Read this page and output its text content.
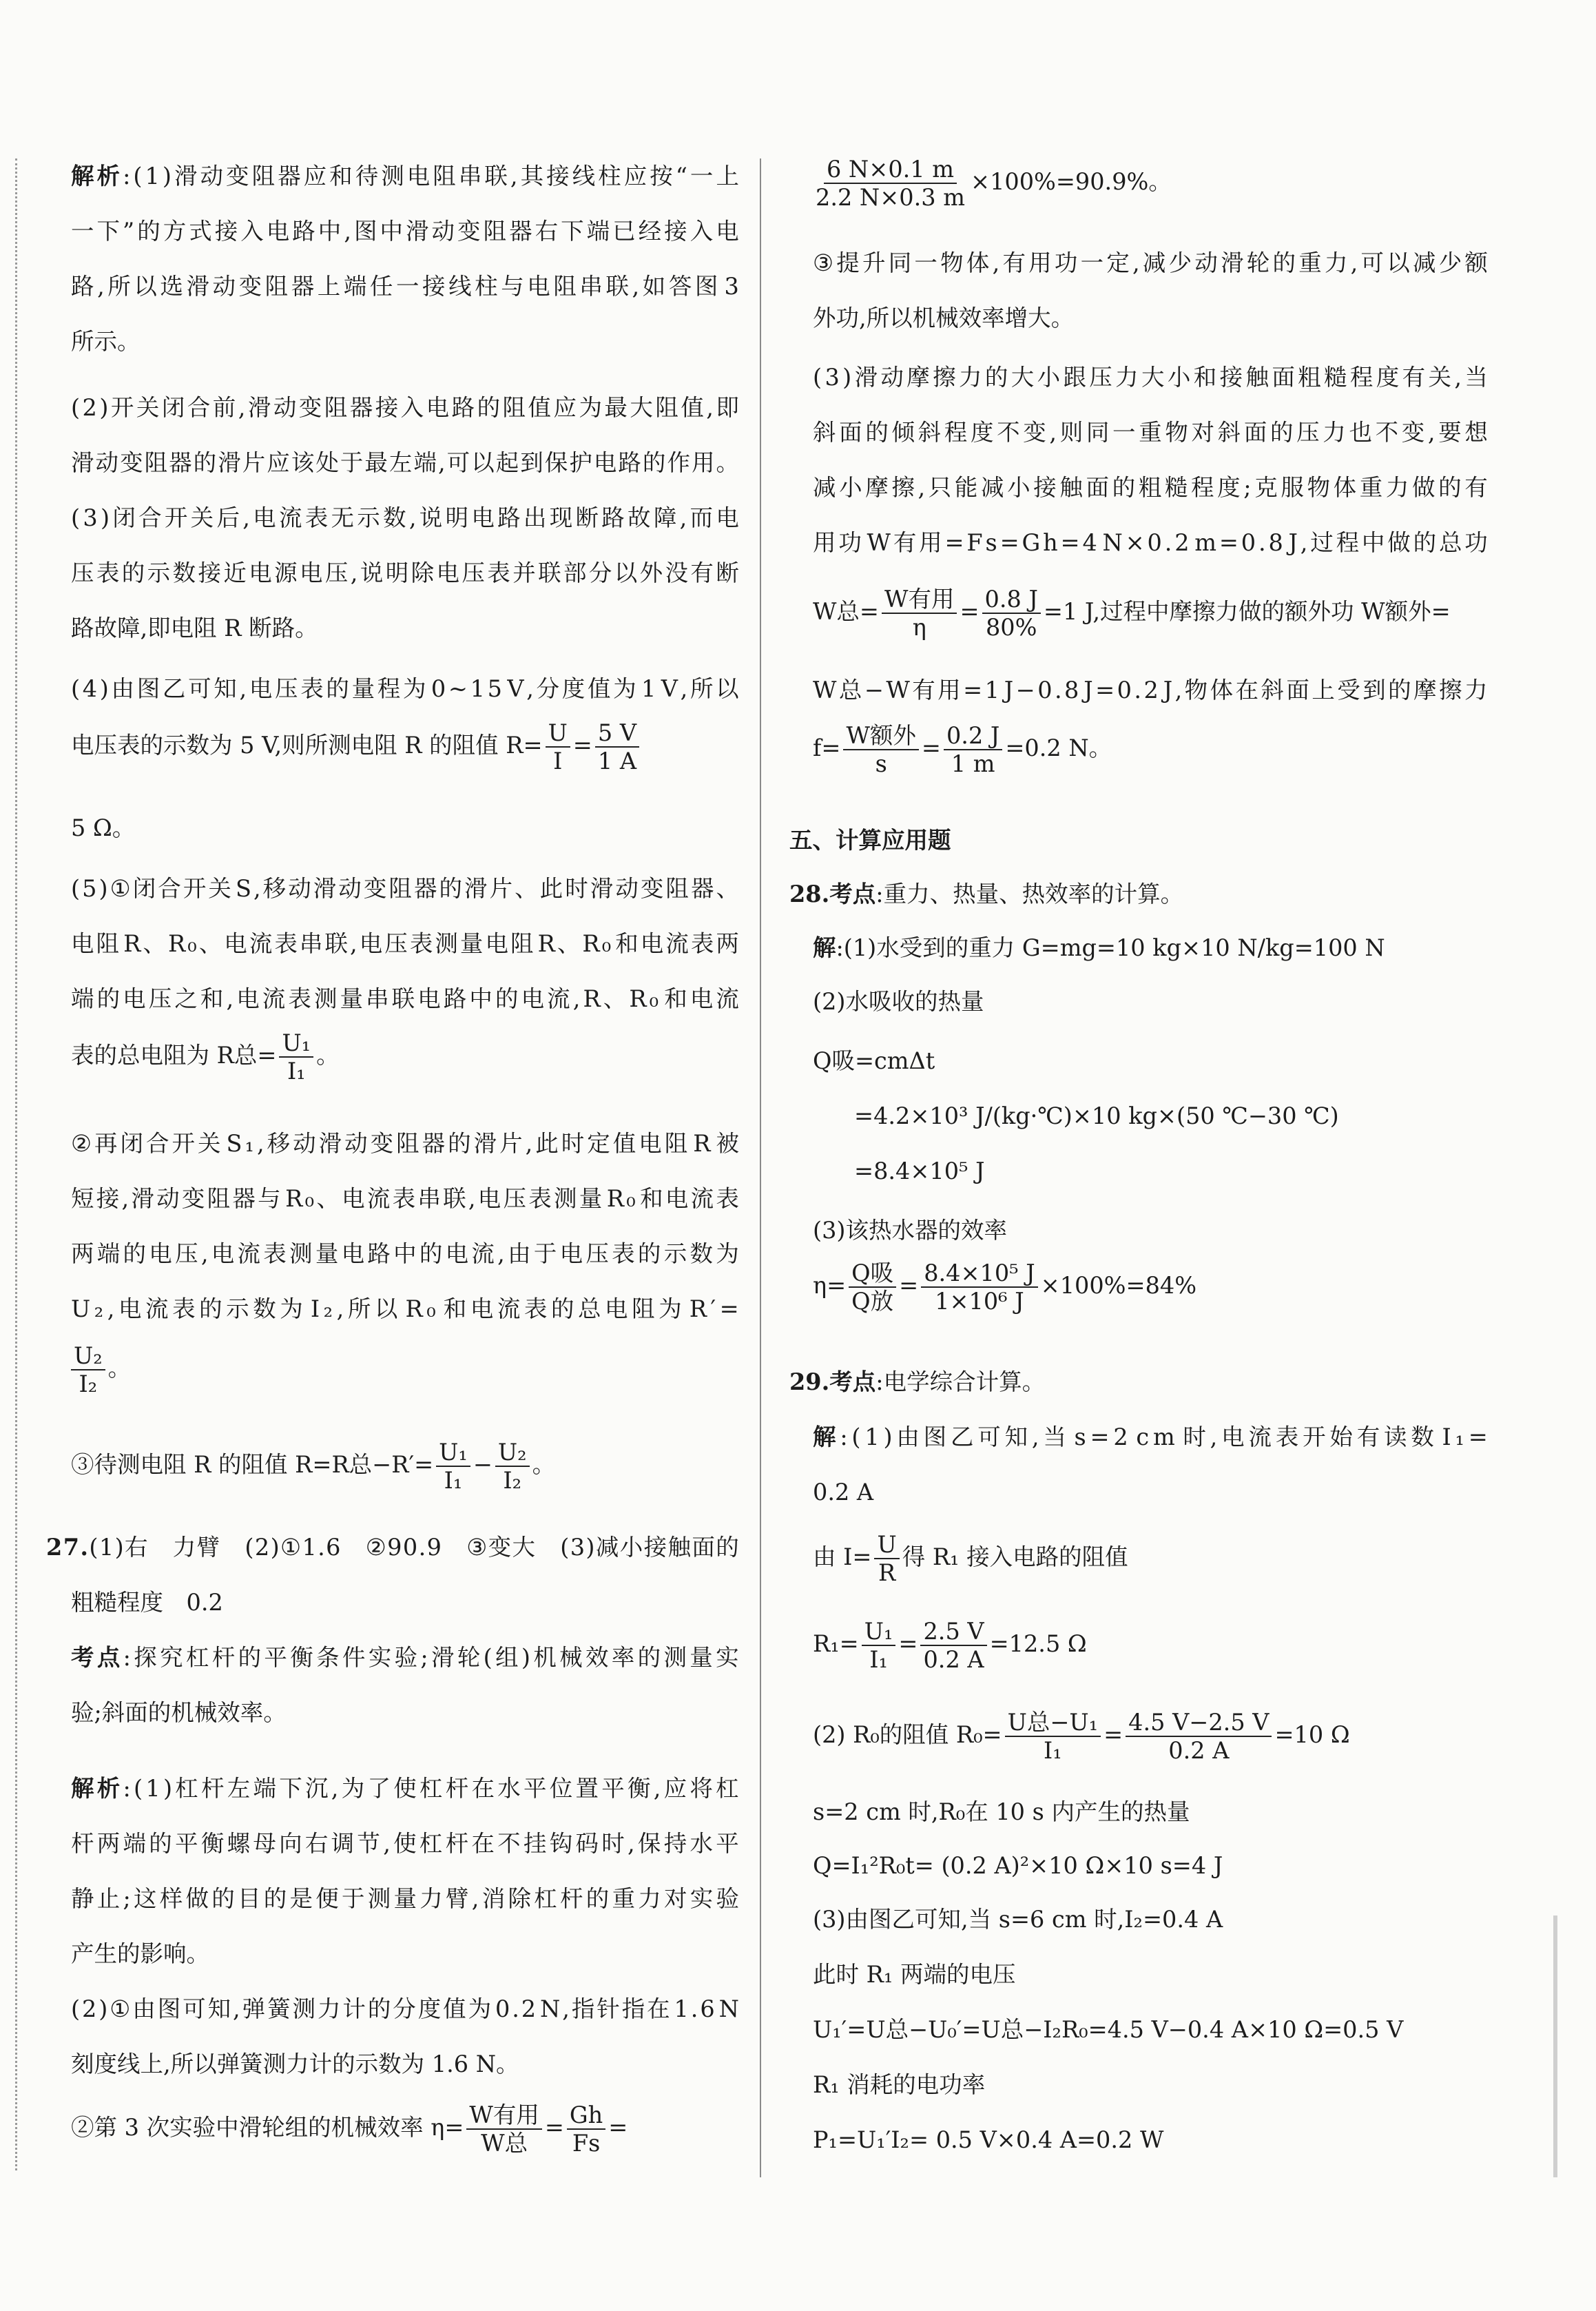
电压表的示数为 5 V,则所测电阻 R 的阻值 $R= \frac{U}{I} = \frac{5 V}{1 A}$
表的总电阻为 R总= $\frac{\text{U₁}}{\text{I₁}}$ 。
$\frac{\text{U₂}}{\text{I₂}}$ 。
③待测电阻 R 的阻值 R=R总$-R'= \frac{\text{U₁}}{\text{I₁}} - \frac{\text{U₂}}{\text{I₂}}$ 。
②第 3 次实验中滑轮组的机械效率 η= W有用
W总
= $\frac{Gh}{Fs}$ =
解 析 : ( 1 ) 滑 动 变 阻 器 应 和 待 测 电 阻 串 联 , 其 接 线 柱 应 按 “ 一 上
一 下 ” 的 方 式 接 入 电 路 中 , 图 中 滑 动 变 阻 器 右 下 端 已 经 接 入 电
路 , 所 以 选 滑 动 变 阻 器 上 端 任 一 接 线 柱 与 电 阻 串 联 , 如 答 图 3
所示。
( 2 ) 开 关 闭 合 前 , 滑 动 变 阻 器 接 入 电 路 的 阻 值 应 为 最 大 阻 值 , 即
滑 动 变 阻 器 的 滑 片 应 该 处 于 最 左 端 , 可 以 起 到 保 护 电 路 的 作 用 。
( 3 ) 闭 合 开 关 后 , 电 流 表 无 示 数 , 说 明 电 路 出 现 断 路 故 障 , 而 电
压 表 的 示 数 接 近 电 源 电 压 , 说 明 除 电 压 表 并 联 部 分 以 外 没 有 断
路故障,即电阻 R 断路。
( 4 ) 由 图 乙 可 知 , 电 压 表 的 量 程 为 0 ~ 1 5 V , 分 度 值 为 1 V , 所 以
5 Ω。
( 5 ) ① 闭 合 开 关 S , 移 动 滑 动 变 阻 器 的 滑 片 、 此 时 滑 动 变 阻 器 、
电 阻 R 、 R ₀ 、 电 流 表 串 联 , 电 压 表 测 量 电 阻 R 、 R ₀ 和 电 流 表 两
端 的 电 压 之 和 , 电 流 表 测 量 串 联 电 路 中 的 电 流 , R 、 R ₀ 和 电 流
② 再 闭 合 开 关 S ₁ , 移 动 滑 动 变 阻 器 的 滑 片 , 此 时 定 值 电 阻 R 被
短 接 , 滑 动 变 阻 器 与 R ₀ 、 电 流 表 串 联 , 电 压 表 测 量 R ₀ 和 电 流 表
两 端 的 电 压 , 电 流 表 测 量 电 路 中 的 电 流 , 由 于 电 压 表 的 示 数 为
U ₂ , 电 流 表 的 示 数 为 I ₂ , 所 以 R ₀ 和 电 流 表 的 总 电 阻 为 R ′ =
2 7 . ( 1 ) 右
　 力 臂
　 ( 2 ) ① 1 . 6
　 ② 9 0 . 9
　 ③ 变 大
　 ( 3 ) 减 小 接 触 面 的
粗糙程度　0.2
考 点 : 探 究 杠 杆 的 平 衡 条 件 实 验 ; 滑 轮 ( 组 ) 机 械 效 率 的 测 量 实
验;斜面的机械效率。
解 析 : ( 1 ) 杠 杆 左 端 下 沉 , 为 了 使 杠 杆 在 水 平 位 置 平 衡 , 应 将 杠
杆 两 端 的 平 衡 螺 母 向 右 调 节 , 使 杠 杆 在 不 挂 钩 码 时 , 保 持 水 平
静 止 ; 这 样 做 的 目 的 是 便 于 测 量 力 臂 , 消 除 杠 杆 的 重 力 对 实 验
产生的影响。
( 2 ) ① 由 图 可 知 , 弹 簧 测 力 计 的 分 度 值 为 0 . 2 N , 指 针 指 在 1 . 6 N
刻度线上,所以弹簧测力计的示数为 1.6 N。
$\frac{6 N\times 0.1 m}{2.2 N\times 0.3 m} \times 100\%=90.9\%$。
W总= W有用
η
= $\frac{0.8 J}{80\%} =1$ J,过程中摩擦力做的额外功 W额外=
f= W额外
s
= $\frac{0.2 J}{1 m} =0.2$ N。
η= Q吸
Q放
= $\frac{\text{8.4×10⁵ J}}{\text{1×10⁶ J}} \times 100\%=84\%$
由 $I= \frac{U}{R}$ 得 R₁ 接入电路的阻值
$R_1= \frac{\text{U₁}}{\text{I₁}} = \frac{2.5 V}{0.2 A} =12.5$ Ω
(2) R₀的阻值 R₀= U总−U₁
I₁
= $\frac{4.5 V-2.5 V}{0.2 A} =10$ Ω
③ 提 升 同 一 物 体 , 有 用 功 一 定 , 减 少 动 滑 轮 的 重 力 , 可 以 减 少 额
外功,所以机械效率增大。
( 3 ) 滑 动 摩 擦 力 的 大 小 跟 压 力 大 小 和 接 触 面 粗 糙 程 度 有 关 , 当
斜 面 的 倾 斜 程 度 不 变 , 则 同 一 重 物 对 斜 面 的 压 力 也 不 变 , 要 想
减 小 摩 擦 , 只 能 减 小 接 触 面 的 粗 糙 程 度 ; 克 服 物 体 重 力 做 的 有
用 功 W 有 用 = F s = G h = 4 N × 0 . 2 m = 0 . 8 J , 过 程 中 做 的 总 功
W 总 − W 有 用 = 1 J − 0 . 8 J = 0 . 2 J , 物 体 在 斜 面 上 受 到 的 摩 擦 力
五、计算应用题
28.考点:重力、热量、热效率的计算。
解:(1)水受到的重力 G=mg=10 kg×10 N/kg=100 N
(2)水吸收的热量
Q吸=cmΔt
=4.2×10³ J/(kg·℃)×10 kg×(50 ℃−30 ℃)
=8.4×10⁵ J
(3)该热水器的效率
29.考点:电学综合计算。
解 : ( 1 ) 由 图 乙 可 知 , 当 s = 2 c m 时 , 电 流 表 开 始 有 读 数 I ₁ =
0.2 A
s=2 cm 时,R₀在 10 s 内产生的热量
Q=I₁²R₀t= (0.2 A)²×10 Ω×10 s=4 J
(3)由图乙可知,当 s=6 cm 时,I₂=0.4 A
此时 R₁ 两端的电压
U₁′=U总−U₀′=U总−I₂R₀=4.5 V−0.4 A×10 Ω=0.5 V
R₁ 消耗的电功率
P₁=U₁′I₂= 0.5 V×0.4 A=0.2 W
